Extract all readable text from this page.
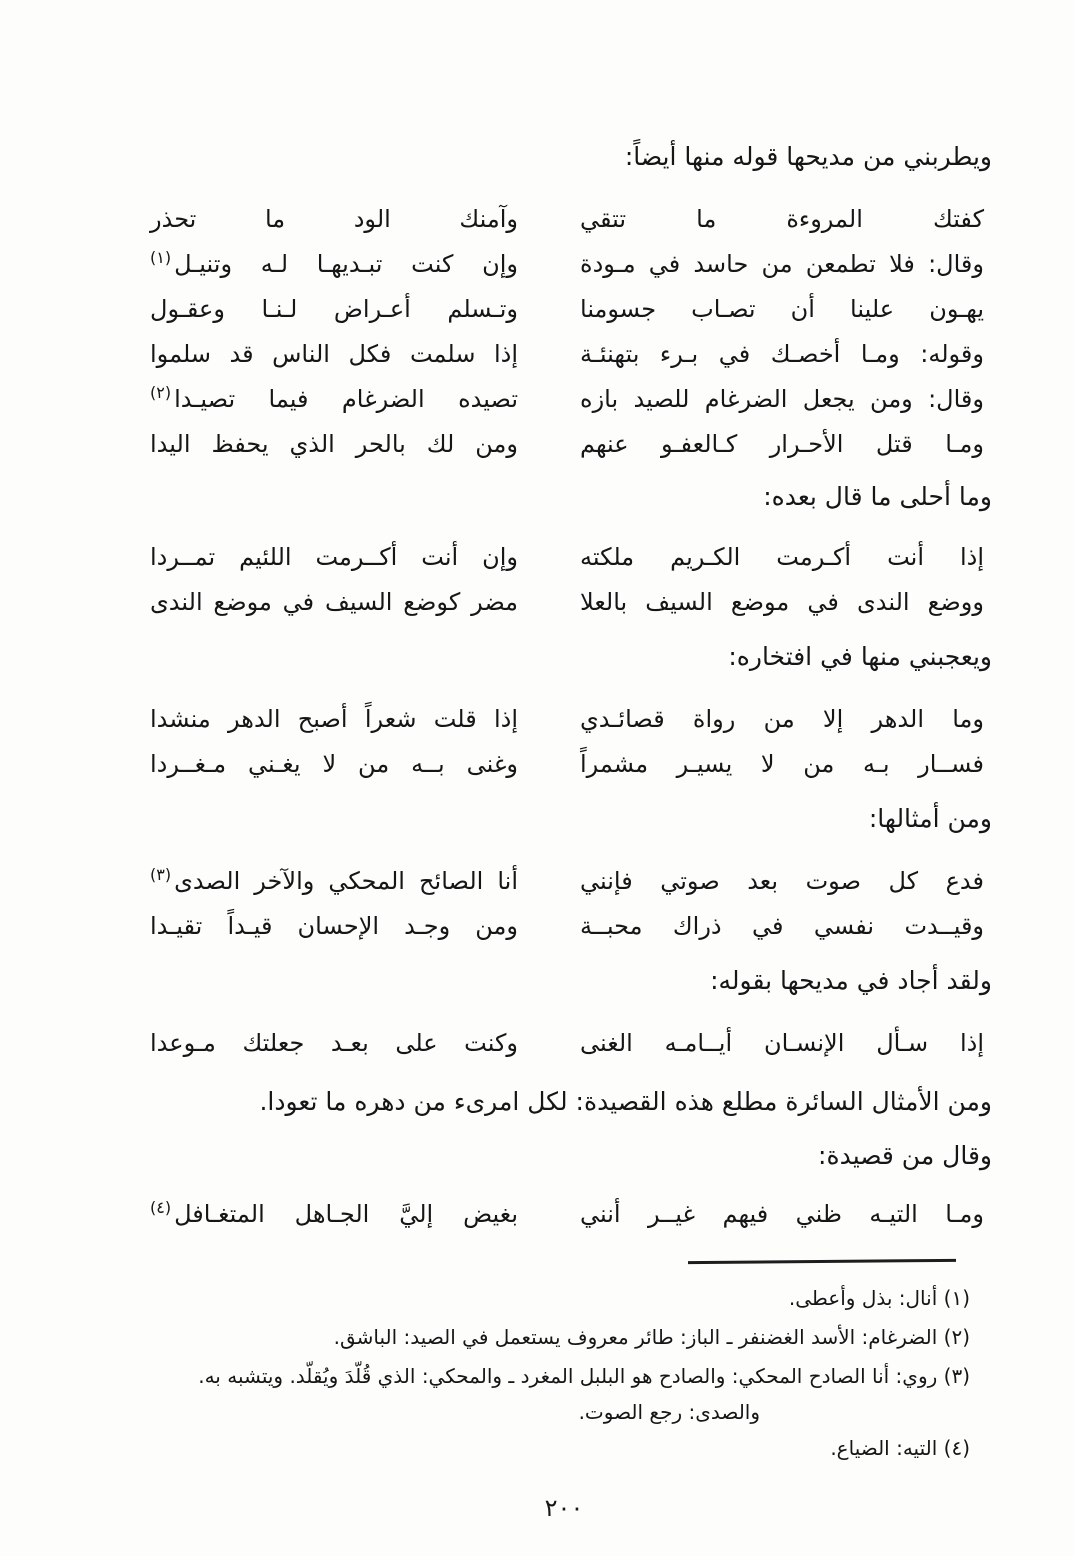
ويطربني من مديحها قوله منها أيضاً:

كفتك المروءة ما تتقي
وآمنك الود ما تحذر
وقال: فلا تطمعن من حاسد في مـودة
وإن كنت تبـديهـا لـه وتنيـل$^{(١)}$
يهـون علينا أن تصـاب جسومنا
وتـسلم أعـراض لـنـا وعقـول
وقوله: ومـا أخصـك في بـرء بتهنئـة
إذا سلمت فكل الناس قد سلموا
وقال: ومن يجعل الضرغام للصيد بازه
تصيده الضرغام فيما تصيـدا$^{(٢)}$
ومـا قتل الأحـرار كـالعفـو عنهم
ومن لك بالحر الذي يحفظ اليدا

وما أحلى ما قال بعده:

إذا أنت أكـرمت الكـريم ملكته
وإن أنت أكــرمت اللئيم تمــردا
ووضع الندى في موضع السيف بالعلا
مضر كوضع السيف في موضع الندى

ويعجبني منها في افتخاره:

وما الدهر إلا من رواة قصائـدي
إذا قلت شعراً أصبح الدهر منشدا
فســار بـه من لا يسيـر مشمراً
وغنى بــه من لا يغـني مـغــردا

ومن أمثالها:

فدع كل صوت بعد صوتي فإنني
أنا الصائح المحكي والآخر الصدى$^{(٣)}$
وقيــدت نفسي في ذراك محبــة
ومن وجـد الإحسان قيـداً تقيـدا

ولقد أجاد في مديحها بقوله:

إذا سـأل الإنسـان أيــامـه الغنى
وكنت على بعـد جعلتك مـوعدا

ومن الأمثال السائرة مطلع هذه القصيدة: لكل امرىء من دهره ما تعودا.

وقال من قصيدة:

ومـا التيـه ظني فيهم غيــر أنني
بغيض إليَّ الجـاهل المتغـافل$^{(٤)}$

(١) أنال: بذل وأعطى.

(٢) الضرغام: الأسد الغضنفر ـ الباز: طائر معروف يستعمل في الصيد: الباشق.

(٣) روي: أنا الصادح المحكي: والصادح هو البلبل المغرد ـ والمحكي: الذي قُلّدَ ويُقلّد. ويتشبه به.

والصدى: رجع الصوت.

(٤) التيه: الضياع.

٢٠٠
